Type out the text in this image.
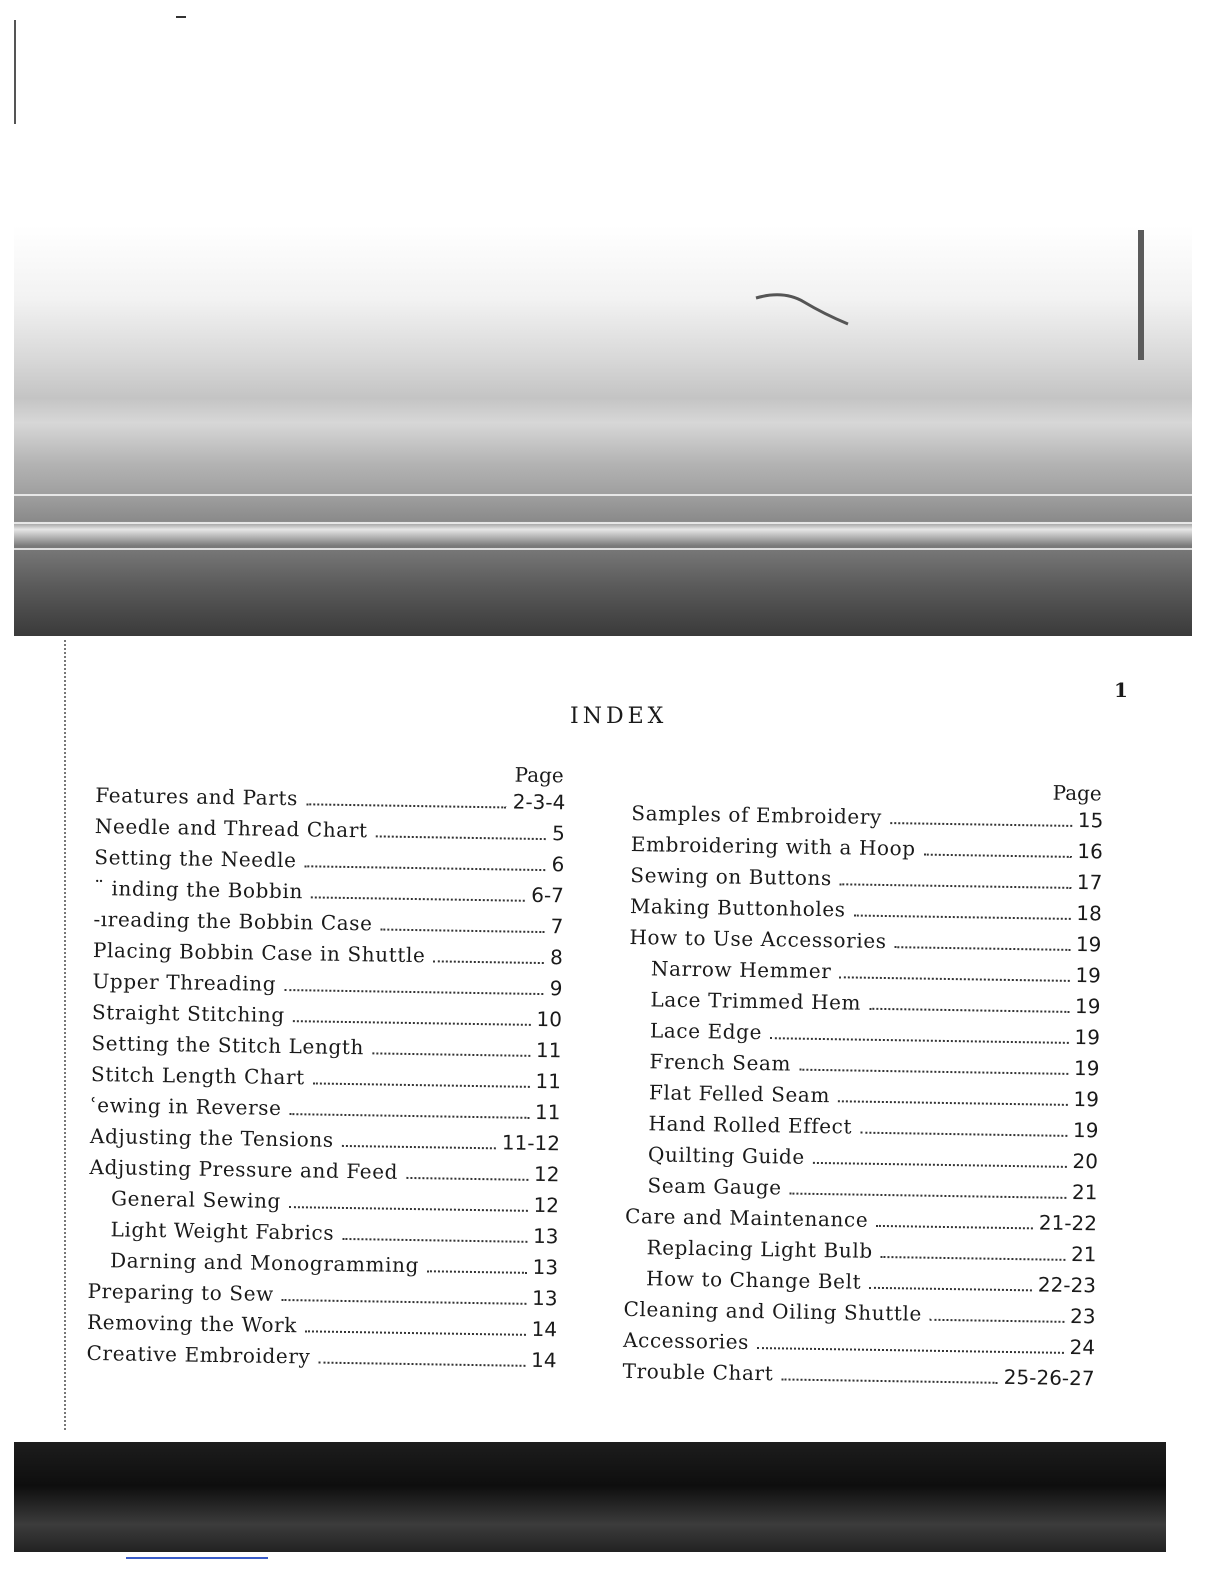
1
INDEX
Page
Features and Parts	2-3-4
Needle and Thread Chart	5
Setting the Needle	6
¨ inding the Bobbin	6-7
‐ıreading the Bobbin Case	7
Placing Bobbin Case in Shuttle	8
Upper Threading	9
Straight Stitching	10
Setting the Stitch Length	11
Stitch Length Chart	11
ʿewing in Reverse	11
Adjusting the Tensions	11-12
Adjusting Pressure and Feed	12
General Sewing	12
Light Weight Fabrics	13
Darning and Monogramming	13
Preparing to Sew	13
Removing the Work	14
Creative Embroidery	14
Page
Samples of Embroidery	15
Embroidering with a Hoop	16
Sewing on Buttons	17
Making Buttonholes	18
How to Use Accessories	19
Narrow Hemmer	19
Lace Trimmed Hem	19
Lace Edge	19
French Seam	19
Flat Felled Seam	19
Hand Rolled Effect	19
Quilting Guide	20
Seam Gauge	21
Care and Maintenance	21-22
Replacing Light Bulb	21
How to Change Belt	22-23
Cleaning and Oiling Shuttle	23
Accessories	24
Trouble Chart	25-26-27
